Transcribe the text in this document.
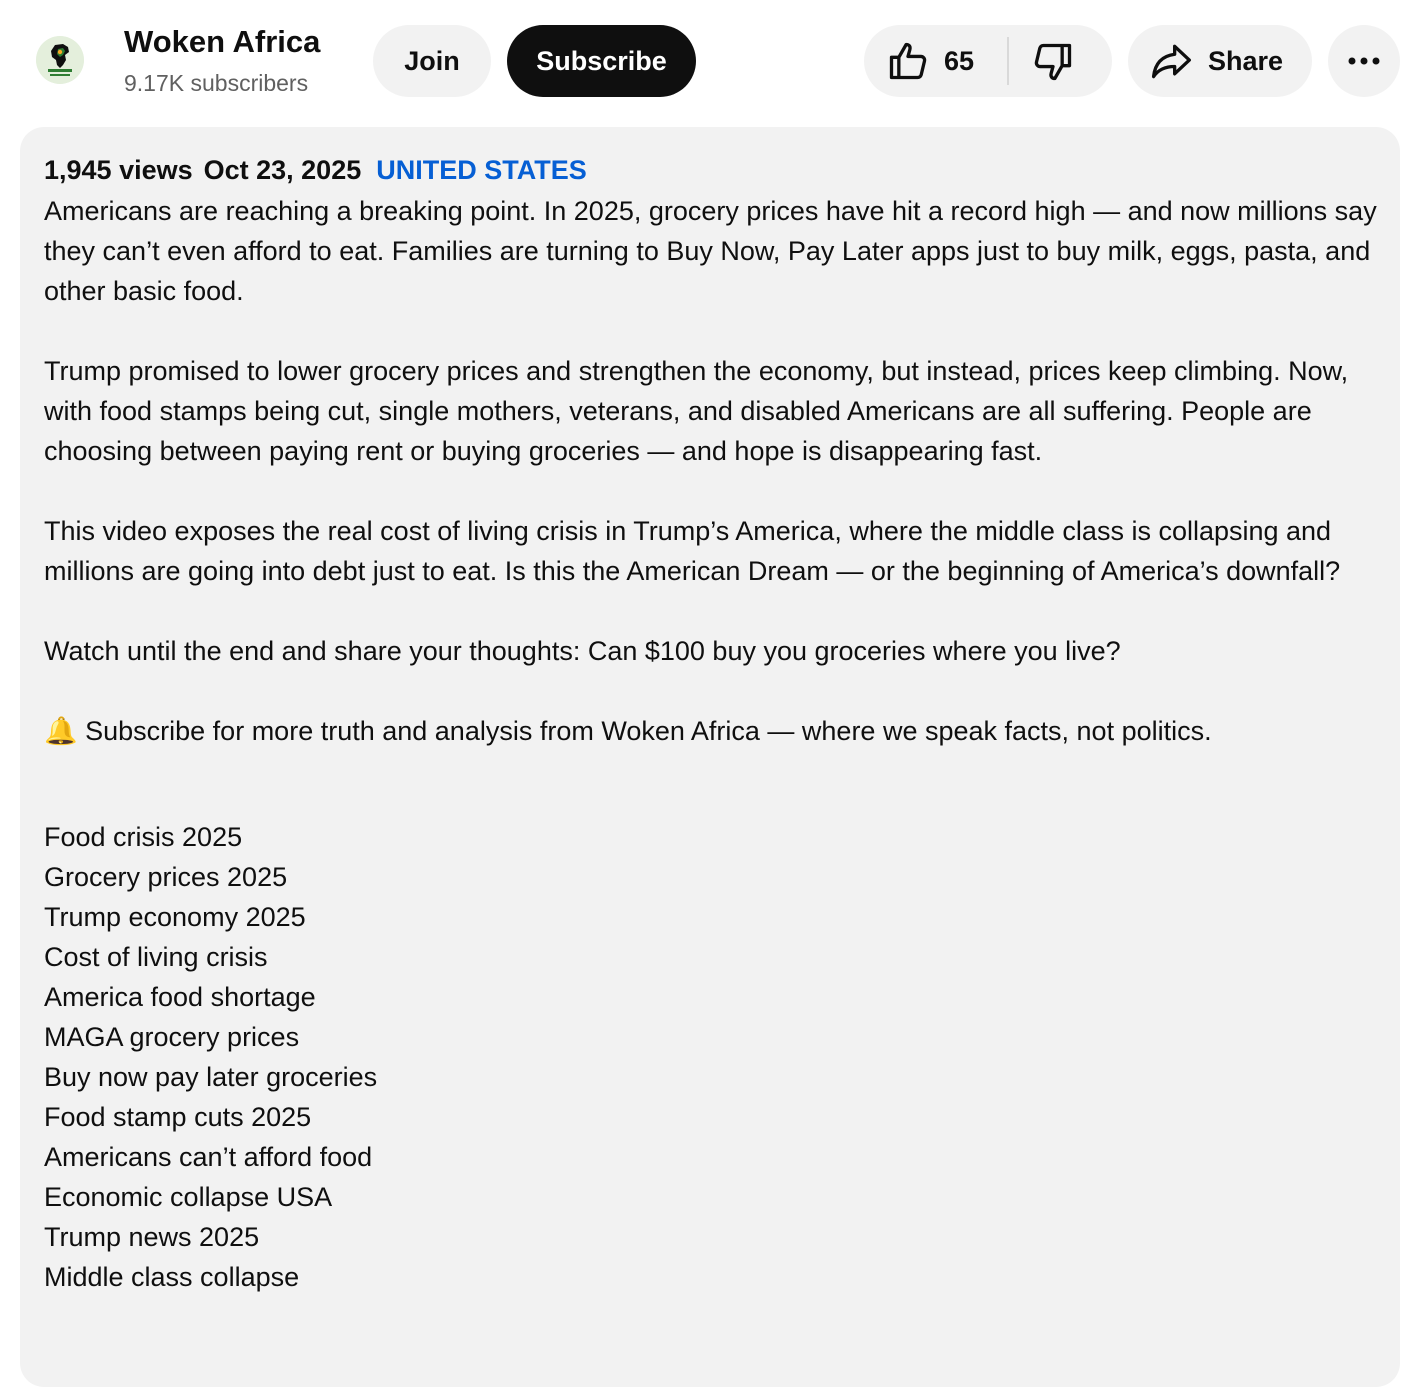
Woken Africa
9.17K subscribers
Join	Subscribe	65	Share
1,945 views Oct 23, 2025 UNITED STATES

Americans are reaching a breaking point. In 2025, grocery prices have hit a record high — and now millions say they can’t even afford to eat. Families are turning to Buy Now, Pay Later apps just to buy milk, eggs, pasta, and other basic food.

Trump promised to lower grocery prices and strengthen the economy, but instead, prices keep climbing. Now, with food stamps being cut, single mothers, veterans, and disabled Americans are all suffering. People are choosing between paying rent or buying groceries — and hope is disappearing fast.

This video exposes the real cost of living crisis in Trump’s America, where the middle class is collapsing and millions are going into debt just to eat. Is this the American Dream — or the beginning of America’s downfall?

Watch until the end and share your thoughts: Can $100 buy you groceries where you live?

🔔 Subscribe for more truth and analysis from Woken Africa — where we speak facts, not politics.

Food crisis 2025
Grocery prices 2025
Trump economy 2025
Cost of living crisis
America food shortage
MAGA grocery prices
Buy now pay later groceries
Food stamp cuts 2025
Americans can’t afford food
Economic collapse USA
Trump news 2025
Middle class collapse
